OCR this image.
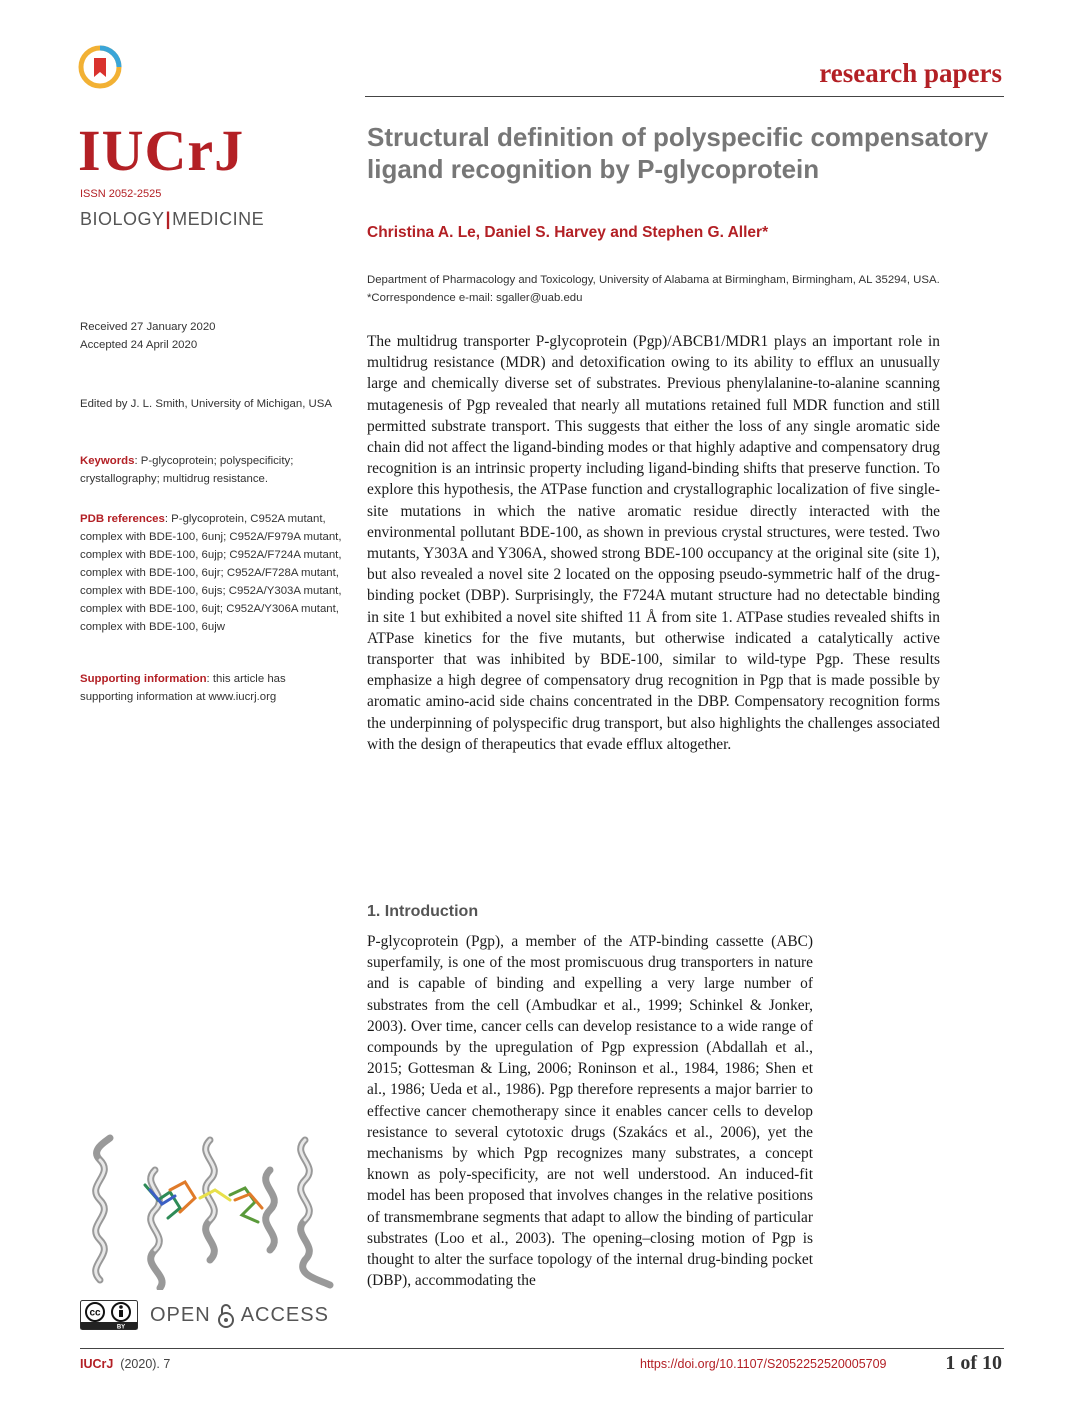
research papers
IUCrJ
ISSN 2052-2525
BIOLOGY|MEDICINE
Received 27 January 2020
Accepted 24 April 2020
Edited by J. L. Smith, University of Michigan, USA
Keywords: P-glycoprotein; polyspecificity; crystallography; multidrug resistance.
PDB references: P-glycoprotein, C952A mutant, complex with BDE-100, 6unj; C952A/F979A mutant, complex with BDE-100, 6ujp; C952A/F724A mutant, complex with BDE-100, 6ujr; C952A/F728A mutant, complex with BDE-100, 6ujs; C952A/Y303A mutant, complex with BDE-100, 6ujt; C952A/Y306A mutant, complex with BDE-100, 6ujw
Supporting information: this article has supporting information at www.iucrj.org
cc
BY
OPEN ACCESS
Structural definition of polyspecific compensatory ligand recognition by P-glycoprotein
Christina A. Le, Daniel S. Harvey and Stephen G. Aller*
Department of Pharmacology and Toxicology, University of Alabama at Birmingham, Birmingham, AL 35294, USA.
*Correspondence e-mail: sgaller@uab.edu
The multidrug transporter P-glycoprotein (Pgp)/ABCB1/MDR1 plays an important role in multidrug resistance (MDR) and detoxification owing to its ability to efflux an unusually large and chemically diverse set of substrates. Previous phenylalanine-to-alanine scanning mutagenesis of Pgp revealed that nearly all mutations retained full MDR function and still permitted substrate transport. This suggests that either the loss of any single aromatic side chain did not affect the ligand-binding modes or that highly adaptive and compensatory drug recognition is an intrinsic property including ligand-binding shifts that preserve function. To explore this hypothesis, the ATPase function and crystallographic localization of five single-site mutations in which the native aromatic residue directly interacted with the environmental pollutant BDE-100, as shown in previous crystal structures, were tested. Two mutants, Y303A and Y306A, showed strong BDE-100 occupancy at the original site (site 1), but also revealed a novel site 2 located on the opposing pseudo-symmetric half of the drug-binding pocket (DBP). Surprisingly, the F724A mutant structure had no detectable binding in site 1 but exhibited a novel site shifted 11 Å from site 1. ATPase studies revealed shifts in ATPase kinetics for the five mutants, but otherwise indicated a catalytically active transporter that was inhibited by BDE-100, similar to wild-type Pgp. These results emphasize a high degree of compensatory drug recognition in Pgp that is made possible by aromatic amino-acid side chains concentrated in the DBP. Compensatory recognition forms the underpinning of polyspecific drug transport, but also highlights the challenges associated with the design of therapeutics that evade efflux altogether.
1. Introduction
P-glycoprotein (Pgp), a member of the ATP-binding cassette (ABC) superfamily, is one of the most promiscuous drug transporters in nature and is capable of binding and expelling a very large number of substrates from the cell (Ambudkar et al., 1999; Schinkel & Jonker, 2003). Over time, cancer cells can develop resistance to a wide range of compounds by the upregulation of Pgp expression (Abdallah et al., 2015; Gottesman & Ling, 2006; Roninson et al., 1984, 1986; Shen et al., 1986; Ueda et al., 1986). Pgp therefore represents a major barrier to effective cancer chemotherapy since it enables cancer cells to develop resistance to several cytotoxic drugs (Szakács et al., 2006), yet the mechanisms by which Pgp recognizes many substrates, a concept known as poly-specificity, are not well understood. An induced-fit model has been proposed that involves changes in the relative positions of transmembrane segments that adapt to allow the binding of particular substrates (Loo et al., 2003). The opening–closing motion of Pgp is thought to alter the surface topology of the internal drug-binding pocket (DBP), accommodating the
IUCrJ (2020). 7	https://doi.org/10.1107/S2052252520005709	1 of 10
